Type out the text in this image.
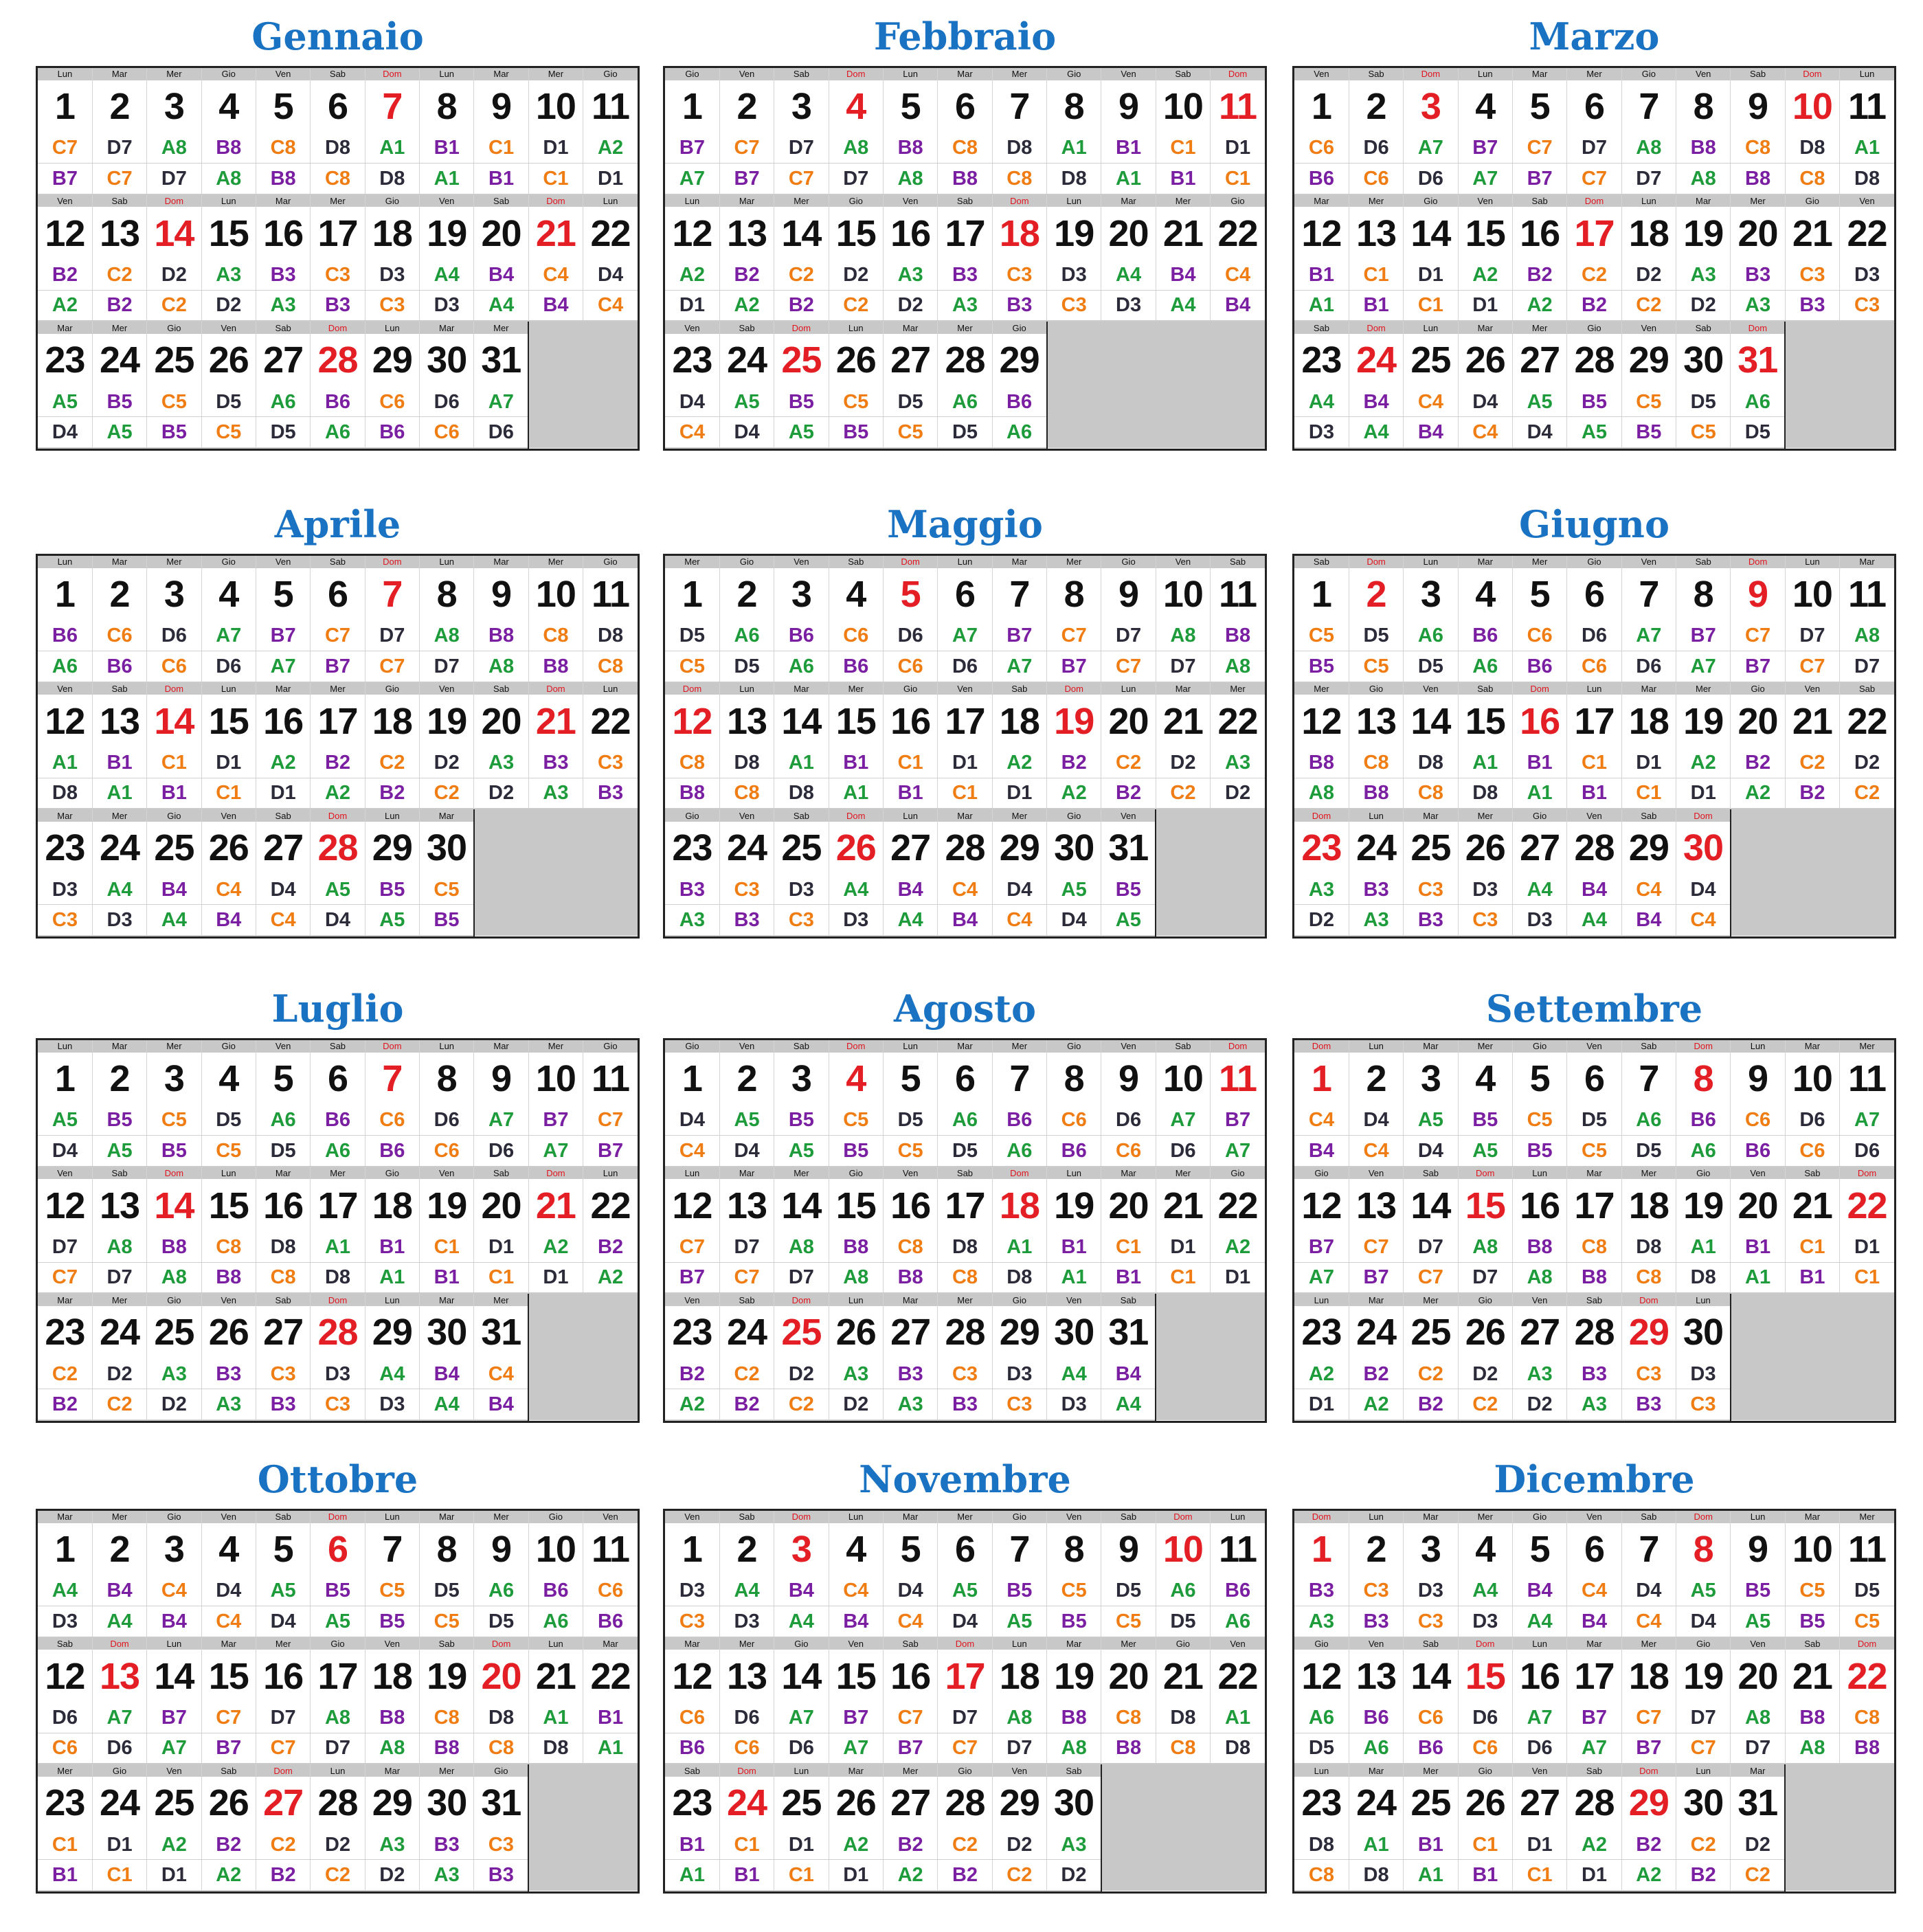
Gennaio
Lun	Mar	Mer	Gio	Ven	Sab	Dom	Lun	Mar	Mer	Gio
1	2	3	4	5	6	7	8	9	10	11
C7	D7	A8	B8	C8	D8	A1	B1	C1	D1	A2
B7	C7	D7	A8	B8	C8	D8	A1	B1	C1	D1
Ven	Sab	Dom	Lun	Mar	Mer	Gio	Ven	Sab	Dom	Lun
12	13	14	15	16	17	18	19	20	21	22
B2	C2	D2	A3	B3	C3	D3	A4	B4	C4	D4
A2	B2	C2	D2	A3	B3	C3	D3	A4	B4	C4
Mar	Mer	Gio	Ven	Sab	Dom	Lun	Mar	Mer		
23	24	25	26	27	28	29	30	31		
A5	B5	C5	D5	A6	B6	C6	D6	A7		
D4	A5	B5	C5	D5	A6	B6	C6	D6		
Febbraio
Gio	Ven	Sab	Dom	Lun	Mar	Mer	Gio	Ven	Sab	Dom
1	2	3	4	5	6	7	8	9	10	11
B7	C7	D7	A8	B8	C8	D8	A1	B1	C1	D1
A7	B7	C7	D7	A8	B8	C8	D8	A1	B1	C1
Lun	Mar	Mer	Gio	Ven	Sab	Dom	Lun	Mar	Mer	Gio
12	13	14	15	16	17	18	19	20	21	22
A2	B2	C2	D2	A3	B3	C3	D3	A4	B4	C4
D1	A2	B2	C2	D2	A3	B3	C3	D3	A4	B4
Ven	Sab	Dom	Lun	Mar	Mer	Gio				
23	24	25	26	27	28	29				
D4	A5	B5	C5	D5	A6	B6				
C4	D4	A5	B5	C5	D5	A6				
Marzo
Ven	Sab	Dom	Lun	Mar	Mer	Gio	Ven	Sab	Dom	Lun
1	2	3	4	5	6	7	8	9	10	11
C6	D6	A7	B7	C7	D7	A8	B8	C8	D8	A1
B6	C6	D6	A7	B7	C7	D7	A8	B8	C8	D8
Mar	Mer	Gio	Ven	Sab	Dom	Lun	Mar	Mer	Gio	Ven
12	13	14	15	16	17	18	19	20	21	22
B1	C1	D1	A2	B2	C2	D2	A3	B3	C3	D3
A1	B1	C1	D1	A2	B2	C2	D2	A3	B3	C3
Sab	Dom	Lun	Mar	Mer	Gio	Ven	Sab	Dom		
23	24	25	26	27	28	29	30	31		
A4	B4	C4	D4	A5	B5	C5	D5	A6		
D3	A4	B4	C4	D4	A5	B5	C5	D5		
Aprile
Lun	Mar	Mer	Gio	Ven	Sab	Dom	Lun	Mar	Mer	Gio
1	2	3	4	5	6	7	8	9	10	11
B6	C6	D6	A7	B7	C7	D7	A8	B8	C8	D8
A6	B6	C6	D6	A7	B7	C7	D7	A8	B8	C8
Ven	Sab	Dom	Lun	Mar	Mer	Gio	Ven	Sab	Dom	Lun
12	13	14	15	16	17	18	19	20	21	22
A1	B1	C1	D1	A2	B2	C2	D2	A3	B3	C3
D8	A1	B1	C1	D1	A2	B2	C2	D2	A3	B3
Mar	Mer	Gio	Ven	Sab	Dom	Lun	Mar			
23	24	25	26	27	28	29	30			
D3	A4	B4	C4	D4	A5	B5	C5			
C3	D3	A4	B4	C4	D4	A5	B5			
Maggio
Mer	Gio	Ven	Sab	Dom	Lun	Mar	Mer	Gio	Ven	Sab
1	2	3	4	5	6	7	8	9	10	11
D5	A6	B6	C6	D6	A7	B7	C7	D7	A8	B8
C5	D5	A6	B6	C6	D6	A7	B7	C7	D7	A8
Dom	Lun	Mar	Mer	Gio	Ven	Sab	Dom	Lun	Mar	Mer
12	13	14	15	16	17	18	19	20	21	22
C8	D8	A1	B1	C1	D1	A2	B2	C2	D2	A3
B8	C8	D8	A1	B1	C1	D1	A2	B2	C2	D2
Gio	Ven	Sab	Dom	Lun	Mar	Mer	Gio	Ven		
23	24	25	26	27	28	29	30	31		
B3	C3	D3	A4	B4	C4	D4	A5	B5		
A3	B3	C3	D3	A4	B4	C4	D4	A5		
Giugno
Sab	Dom	Lun	Mar	Mer	Gio	Ven	Sab	Dom	Lun	Mar
1	2	3	4	5	6	7	8	9	10	11
C5	D5	A6	B6	C6	D6	A7	B7	C7	D7	A8
B5	C5	D5	A6	B6	C6	D6	A7	B7	C7	D7
Mer	Gio	Ven	Sab	Dom	Lun	Mar	Mer	Gio	Ven	Sab
12	13	14	15	16	17	18	19	20	21	22
B8	C8	D8	A1	B1	C1	D1	A2	B2	C2	D2
A8	B8	C8	D8	A1	B1	C1	D1	A2	B2	C2
Dom	Lun	Mar	Mer	Gio	Ven	Sab	Dom			
23	24	25	26	27	28	29	30			
A3	B3	C3	D3	A4	B4	C4	D4			
D2	A3	B3	C3	D3	A4	B4	C4			
Luglio
Lun	Mar	Mer	Gio	Ven	Sab	Dom	Lun	Mar	Mer	Gio
1	2	3	4	5	6	7	8	9	10	11
A5	B5	C5	D5	A6	B6	C6	D6	A7	B7	C7
D4	A5	B5	C5	D5	A6	B6	C6	D6	A7	B7
Ven	Sab	Dom	Lun	Mar	Mer	Gio	Ven	Sab	Dom	Lun
12	13	14	15	16	17	18	19	20	21	22
D7	A8	B8	C8	D8	A1	B1	C1	D1	A2	B2
C7	D7	A8	B8	C8	D8	A1	B1	C1	D1	A2
Mar	Mer	Gio	Ven	Sab	Dom	Lun	Mar	Mer		
23	24	25	26	27	28	29	30	31		
C2	D2	A3	B3	C3	D3	A4	B4	C4		
B2	C2	D2	A3	B3	C3	D3	A4	B4		
Agosto
Gio	Ven	Sab	Dom	Lun	Mar	Mer	Gio	Ven	Sab	Dom
1	2	3	4	5	6	7	8	9	10	11
D4	A5	B5	C5	D5	A6	B6	C6	D6	A7	B7
C4	D4	A5	B5	C5	D5	A6	B6	C6	D6	A7
Lun	Mar	Mer	Gio	Ven	Sab	Dom	Lun	Mar	Mer	Gio
12	13	14	15	16	17	18	19	20	21	22
C7	D7	A8	B8	C8	D8	A1	B1	C1	D1	A2
B7	C7	D7	A8	B8	C8	D8	A1	B1	C1	D1
Ven	Sab	Dom	Lun	Mar	Mer	Gio	Ven	Sab		
23	24	25	26	27	28	29	30	31		
B2	C2	D2	A3	B3	C3	D3	A4	B4		
A2	B2	C2	D2	A3	B3	C3	D3	A4		
Settembre
Dom	Lun	Mar	Mer	Gio	Ven	Sab	Dom	Lun	Mar	Mer
1	2	3	4	5	6	7	8	9	10	11
C4	D4	A5	B5	C5	D5	A6	B6	C6	D6	A7
B4	C4	D4	A5	B5	C5	D5	A6	B6	C6	D6
Gio	Ven	Sab	Dom	Lun	Mar	Mer	Gio	Ven	Sab	Dom
12	13	14	15	16	17	18	19	20	21	22
B7	C7	D7	A8	B8	C8	D8	A1	B1	C1	D1
A7	B7	C7	D7	A8	B8	C8	D8	A1	B1	C1
Lun	Mar	Mer	Gio	Ven	Sab	Dom	Lun			
23	24	25	26	27	28	29	30			
A2	B2	C2	D2	A3	B3	C3	D3			
D1	A2	B2	C2	D2	A3	B3	C3			
Ottobre
Mar	Mer	Gio	Ven	Sab	Dom	Lun	Mar	Mer	Gio	Ven
1	2	3	4	5	6	7	8	9	10	11
A4	B4	C4	D4	A5	B5	C5	D5	A6	B6	C6
D3	A4	B4	C4	D4	A5	B5	C5	D5	A6	B6
Sab	Dom	Lun	Mar	Mer	Gio	Ven	Sab	Dom	Lun	Mar
12	13	14	15	16	17	18	19	20	21	22
D6	A7	B7	C7	D7	A8	B8	C8	D8	A1	B1
C6	D6	A7	B7	C7	D7	A8	B8	C8	D8	A1
Mer	Gio	Ven	Sab	Dom	Lun	Mar	Mer	Gio		
23	24	25	26	27	28	29	30	31		
C1	D1	A2	B2	C2	D2	A3	B3	C3		
B1	C1	D1	A2	B2	C2	D2	A3	B3		
Novembre
Ven	Sab	Dom	Lun	Mar	Mer	Gio	Ven	Sab	Dom	Lun
1	2	3	4	5	6	7	8	9	10	11
D3	A4	B4	C4	D4	A5	B5	C5	D5	A6	B6
C3	D3	A4	B4	C4	D4	A5	B5	C5	D5	A6
Mar	Mer	Gio	Ven	Sab	Dom	Lun	Mar	Mer	Gio	Ven
12	13	14	15	16	17	18	19	20	21	22
C6	D6	A7	B7	C7	D7	A8	B8	C8	D8	A1
B6	C6	D6	A7	B7	C7	D7	A8	B8	C8	D8
Sab	Dom	Lun	Mar	Mer	Gio	Ven	Sab			
23	24	25	26	27	28	29	30			
B1	C1	D1	A2	B2	C2	D2	A3			
A1	B1	C1	D1	A2	B2	C2	D2			
Dicembre
Dom	Lun	Mar	Mer	Gio	Ven	Sab	Dom	Lun	Mar	Mer
1	2	3	4	5	6	7	8	9	10	11
B3	C3	D3	A4	B4	C4	D4	A5	B5	C5	D5
A3	B3	C3	D3	A4	B4	C4	D4	A5	B5	C5
Gio	Ven	Sab	Dom	Lun	Mar	Mer	Gio	Ven	Sab	Dom
12	13	14	15	16	17	18	19	20	21	22
A6	B6	C6	D6	A7	B7	C7	D7	A8	B8	C8
D5	A6	B6	C6	D6	A7	B7	C7	D7	A8	B8
Lun	Mar	Mer	Gio	Ven	Sab	Dom	Lun	Mar		
23	24	25	26	27	28	29	30	31		
D8	A1	B1	C1	D1	A2	B2	C2	D2		
C8	D8	A1	B1	C1	D1	A2	B2	C2		
